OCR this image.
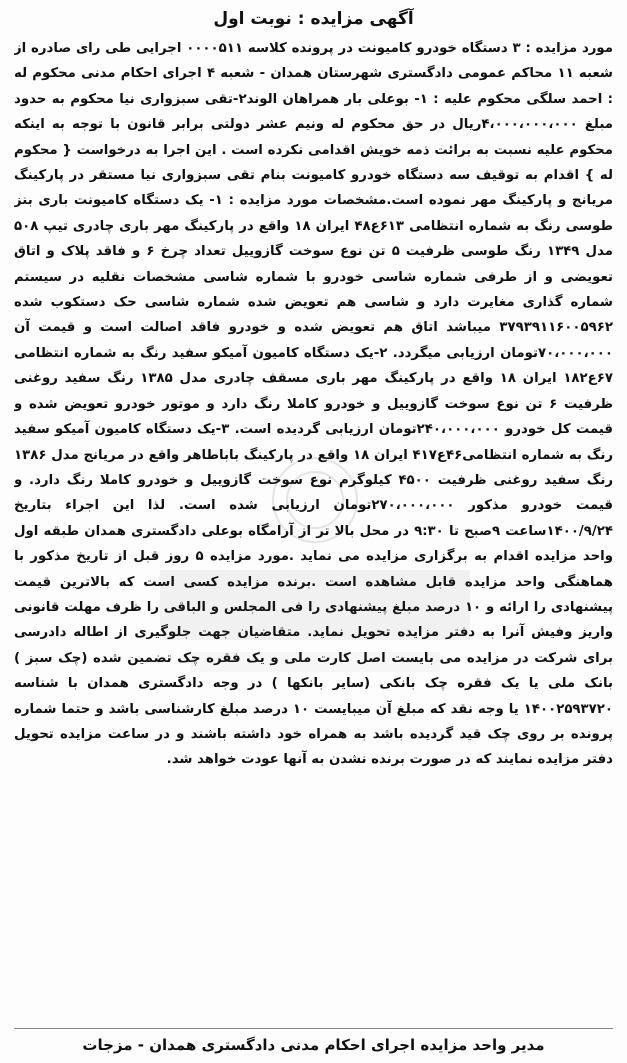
آگهی مزایده : نوبت اول
مورد مزایده : ۳ دستگاه خودرو کامیونت در پرونده کلاسه ۰۰۰۰۵۱۱ اجرایی طی رای صادره از شعبه ۱۱ محاکم عمومی دادگستری شهرستان همدان - شعبه ۴ اجرای احکام مدنی محکوم له : احمد سلگی محکوم علیه : ۱- بوعلی بار همراهان الوند۲-تقی سبزواری نیا محکوم به حدود مبلغ ۴،۰۰۰،۰۰۰،۰۰۰ریال در حق محکوم له ونیم عشر دولتی برابر قانون با توجه به اینکه محکوم علیه نسبت به برائت ذمه خویش اقدامی نکرده است . این اجرا به درخواست { محکوم له } اقدام به توقیف سه دستگاه خودرو کامیونت بنام تقی سبزواری نیا مستقر در پارکینگ مریانج و پارکینگ مهر نموده است.مشخصات مورد مزایده : ۱- یک دستگاه کامیونت باری بنز طوسی رنگ به شماره انتظامی ۶۱۳ع۴۸ ایران ۱۸ واقع در پارکینگ مهر باری چادری تیپ ۵۰۸ مدل ۱۳۴۹ رنگ طوسی ظرفیت ۵ تن نوع سوخت گازوییل تعداد چرخ ۶ و فاقد پلاک و اتاق تعویضی و از طرفی شماره شاسی خودرو با شماره شاسی مشخصات نقلیه در سیستم شماره گذاری مغایرت دارد و شاسی هم تعویض شده شماره شاسی حک دستکوب شده ۳۷۹۳۹۱۱۶۰۰۵۹۶۲ میباشد اتاق هم تعویض شده و خودرو فاقد اصالت است و قیمت آن ۷۰،۰۰۰،۰۰۰تومان ارزیابی میگردد. ۲-یک دستگاه کامیون آمیکو سفید رنگ به شماره انتظامی ۶۷ع۱۸۲ ایران ۱۸ واقع در پارکینگ مهر باری مسقف چادری مدل ۱۳۸۵ رنگ سفید روغنی ظرفیت ۶ تن نوع سوخت گازوییل و خودرو کاملا رنگ دارد و موتور خودرو تعویض شده و قیمت کل خودرو ۲۴۰،۰۰۰،۰۰۰تومان ارزیابی گردیده است. ۳-یک دستگاه کامیون آمیکو سفید رنگ به شماره انتظامی۴۶ع۴۱۷ ایران ۱۸ واقع در پارکینگ باباطاهر واقع در مریانج مدل ۱۳۸۶ رنگ سفید روغنی ظرفیت ۴۵۰۰ کیلوگرم نوع سوخت گازوییل و خودرو کاملا رنگ دارد. و قیمت خودرو مذکور ۲۷۰،۰۰۰،۰۰۰تومان ارزیابی شده است. لذا این اجراء بتاریخ ۱۴۰۰/۹/۲۴ساعت ۹صبح تا ۹:۳۰ در محل بالا تر از آرامگاه بوعلی دادگستری همدان طبقه اول واحد مزایده اقدام به برگزاری مزایده می نماید .مورد مزایده ۵ روز قبل از تاریخ مذکور با هماهنگی واحد مزایده قابل مشاهده است .برنده مزایده کسی است که بالاترین قیمت پیشنهادی را ارائه و ۱۰ درصد مبلغ پیشنهادی را فی المجلس و الباقی را ظرف مهلت قانونی واریز وفیش آنرا به دفتر مزایده تحویل نماید. متقاضیان جهت جلوگیری از اطاله دادرسی برای شرکت در مزایده می بایست اصل کارت ملی و یک فقره چک تضمین شده (چک سبز ) بانک ملی یا یک فقره چک بانکی (سایر بانکها ) در وجه دادگستری همدان با شناسه ۱۴۰۰۲۵۹۳۷۲۰ یا وجه نقد که مبلغ آن میبایست ۱۰ درصد مبلغ کارشناسی باشد و حتما شماره پرونده بر روی چک قید گردیده باشد به همراه خود داشته باشند و در ساعت مزایده تحویل دفتر مزایده نمایند که در صورت برنده نشدن به آنها عودت خواهد شد.
مدیر واحد مزایده اجرای احکام مدنی دادگستری همدان - مزجات
